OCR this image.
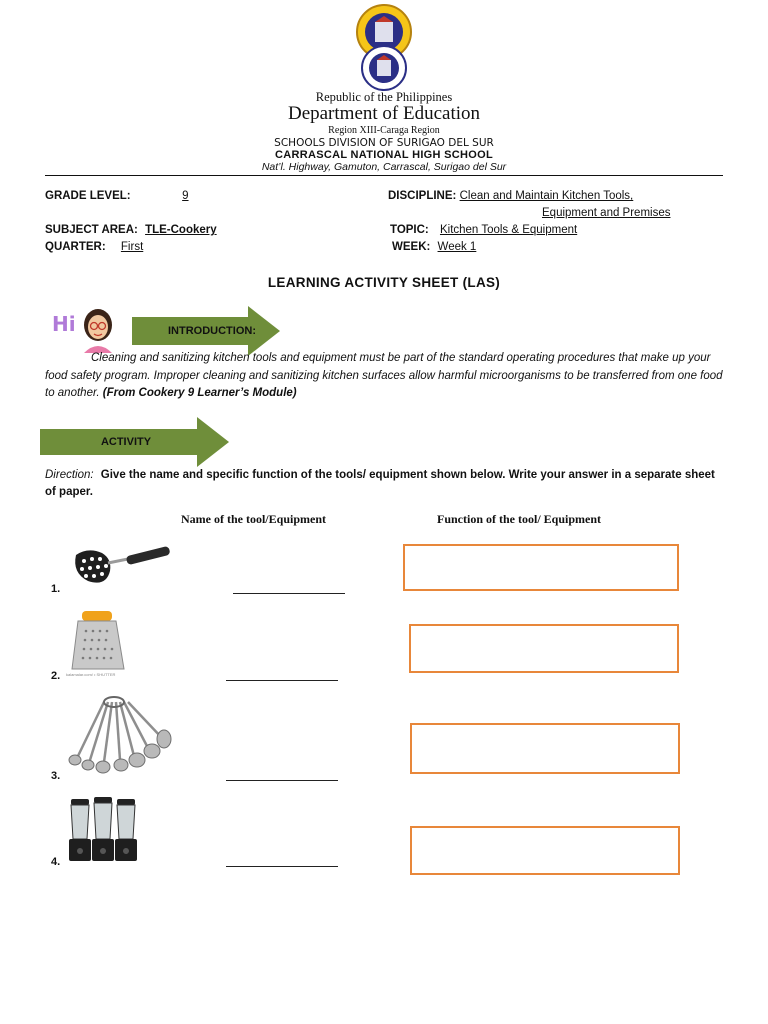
Republic of the Philippines
Department of Education
Region XIII-Caraga Region
SCHOOLS DIVISION OF SURIGAO DEL SUR
CARRASCAL NATIONAL HIGH SCHOOL
Nat’l. Highway, Gamuton, Carrascal, Surigao del Sur
GRADE LEVEL:	9	DISCIPLINE: Clean and Maintain Kitchen Tools,
Equipment and Premises
SUBJECT AREA: TLE-Cookery	TOPIC: Kitchen Tools & Equipment
QUARTER: First	WEEK: Week 1
LEARNING ACTIVITY SHEET (LAS)
Hi	INTRODUCTION:
Cleaning and sanitizing kitchen tools and equipment must be part of the standard operating procedures that make up your food safety program. Improper cleaning and sanitizing kitchen surfaces allow harmful microorganisms to be transferred from one food to another. (From Cookery 9 Learner’s Module)
ACTIVITY
Direction: Give the name and specific function of the tools/ equipment shown below. Write your answer in a separate sheet of paper.
Name of the tool/Equipment	Function of the tool/ Equipment
1.
2. kalamalar.com/ • SHUTTER
3.
4.
